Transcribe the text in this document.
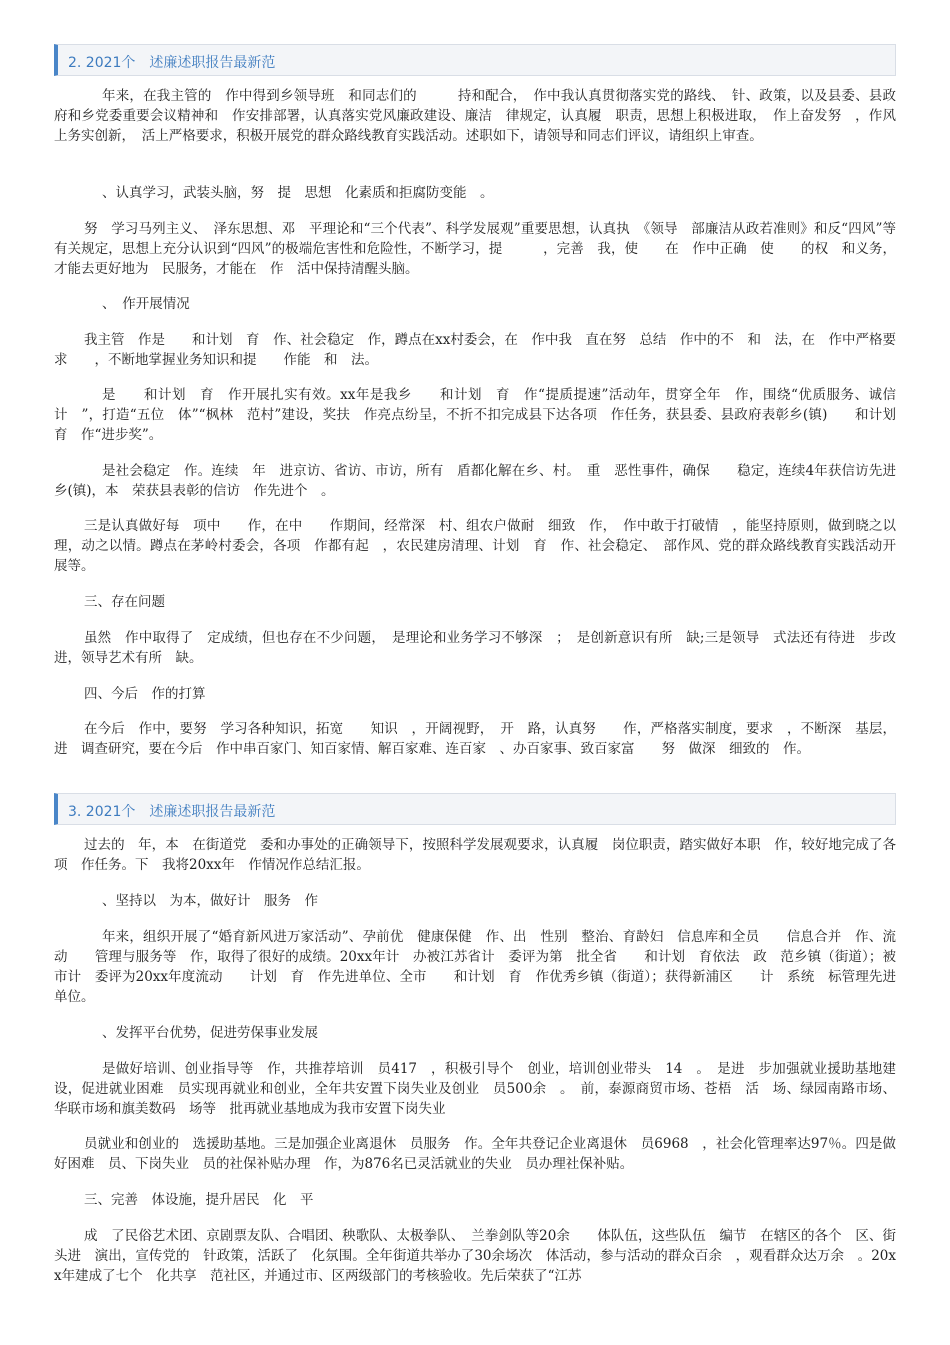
2. 2021个　述廉述职报告最新范

年来，在我主管的　作中得到乡领导班　和同志们的　　　持和配合，　作中我认真贯彻落实党的路线、　针、政策，以及县委、县政府和乡党委重要会议精神和　作安排部署，认真落实党风廉政建设、廉洁　律规定，认真履　职责，思想上积极进取，　作上奋发努　，作风上务实创新，　活上严格要求，积极开展党的群众路线教育实践活动。述职如下，请领导和同志们评议，请组织上审查。

、认真学习，武装头脑，努　提　思想　化素质和拒腐防变能　。

努　学习马列主义、　泽东思想、邓　平理论和“三个代表”、科学发展观”重要思想，认真执　《领导　部廉洁从政若准则》和反“四风”等有关规定，思想上充分认识到“四风”的极端危害性和危险性，不断学习，提　　　，完善　我，使　　在　作中正确　使　　的权　和义务，才能去更好地为　民服务，才能在　作　活中保持清醒头脑。

、　作开展情况

我主管　作是　　和计划　育　作、社会稳定　作，蹲点在xx村委会，在　作中我　直在努　总结　作中的不　和　法，在　作中严格要求　　，不断地掌握业务知识和提　　作能　和　法。

是　　和计划　育　作开展扎实有效。xx年是我乡　　和计划　育　作“提质提速”活动年，贯穿全年　作，围绕“优质服务、诚信计　”，打造“五位　体”“枫林　范村”建设，奖扶　作亮点纷呈，不折不扣完成县下达各项　作任务，获县委、县政府表彰乡(镇)　　和计划　育　作“进步奖”。

是社会稳定　作。连续　年　进京访、省访、市访，所有　盾都化解在乡、村。　重　恶性事件，确保　　稳定，连续4年获信访先进乡(镇)，本　荣获县表彰的信访　作先进个　。

三是认真做好每　项中　　作，在中　　作期间，经常深　村、组农户做耐　细致　作，　作中敢于打破情　，能坚持原则，做到晓之以理，动之以情。蹲点在茅岭村委会，各项　作都有起　，农民建房清理、计划　育　作、社会稳定、　部作风、党的群众路线教育实践活动开展等。

三、存在问题

虽然　作中取得了　定成绩，但也存在不少问题，　是理论和业务学习不够深　；　是创新意识有所　缺;三是领导　式法还有待进　步改进，领导艺术有所　缺。

四、今后　作的打算

在今后　作中，要努　学习各种知识，拓宽　　知识　，开阔视野，　开　路，认真努　　作，严格落实制度，要求　，不断深　基层，进　调查研究，要在今后　作中串百家门、知百家情、解百家难、连百家　、办百家事、致百家富　　努　做深　细致的　作。

3. 2021个　述廉述职报告最新范

过去的　年，本　在街道党　委和办事处的正确领导下，按照科学发展观要求，认真履　岗位职责，踏实做好本职　作，较好地完成了各项　作任务。下　我将20xx年　作情况作总结汇报。

、坚持以　为本，做好计　服务　作

年来，组织开展了“婚育新风进万家活动”、孕前优　健康保健　作、出　性别　整治、育龄妇　信息库和全员　　信息合并　作、流动　　管理与服务等　作，取得了很好的成绩。20xx年计　办被江苏省计　委评为第　批全省　　和计划　育依法　政　范乡镇（街道）；被市计　委评为20xx年度流动　　计划　育　作先进单位、全市　　和计划　育　作优秀乡镇（街道）；获得新浦区　　计　系统　标管理先进单位。

、发挥平台优势，促进劳保事业发展

是做好培训、创业指导等　作，共推荐培训　员417　，积极引导个　创业，培训创业带头　14　。　是进　步加强就业援助基地建设，促进就业困难　员实现再就业和创业，全年共安置下岗失业及创业　员500余　。　前，泰源商贸市场、苍梧　活　场、绿园南路市场、华联市场和旗美数码　场等　批再就业基地成为我市安置下岗失业

员就业和创业的　选援助基地。三是加强企业离退休　员服务　作。全年共登记企业离退休　员6968　，社会化管理率达97％。四是做好困难　员、下岗失业　员的社保补贴办理　作，为876名已灵活就业的失业　员办理社保补贴。

三、完善　体设施，提升居民　化　平

成　了民俗艺术团、京剧票友队、合唱团、秧歌队、太极拳队、　兰拳剑队等20余　　体队伍，这些队伍　编节　在辖区的各个　区、街头进　演出，宣传党的　针政策，活跃了　化氛围。全年街道共举办了30余场次　体活动，参与活动的群众百余　，观看群众达万余　。20xx年建成了七个　化共享　范社区，并通过市、区两级部门的考核验收。先后荣获了“江苏
